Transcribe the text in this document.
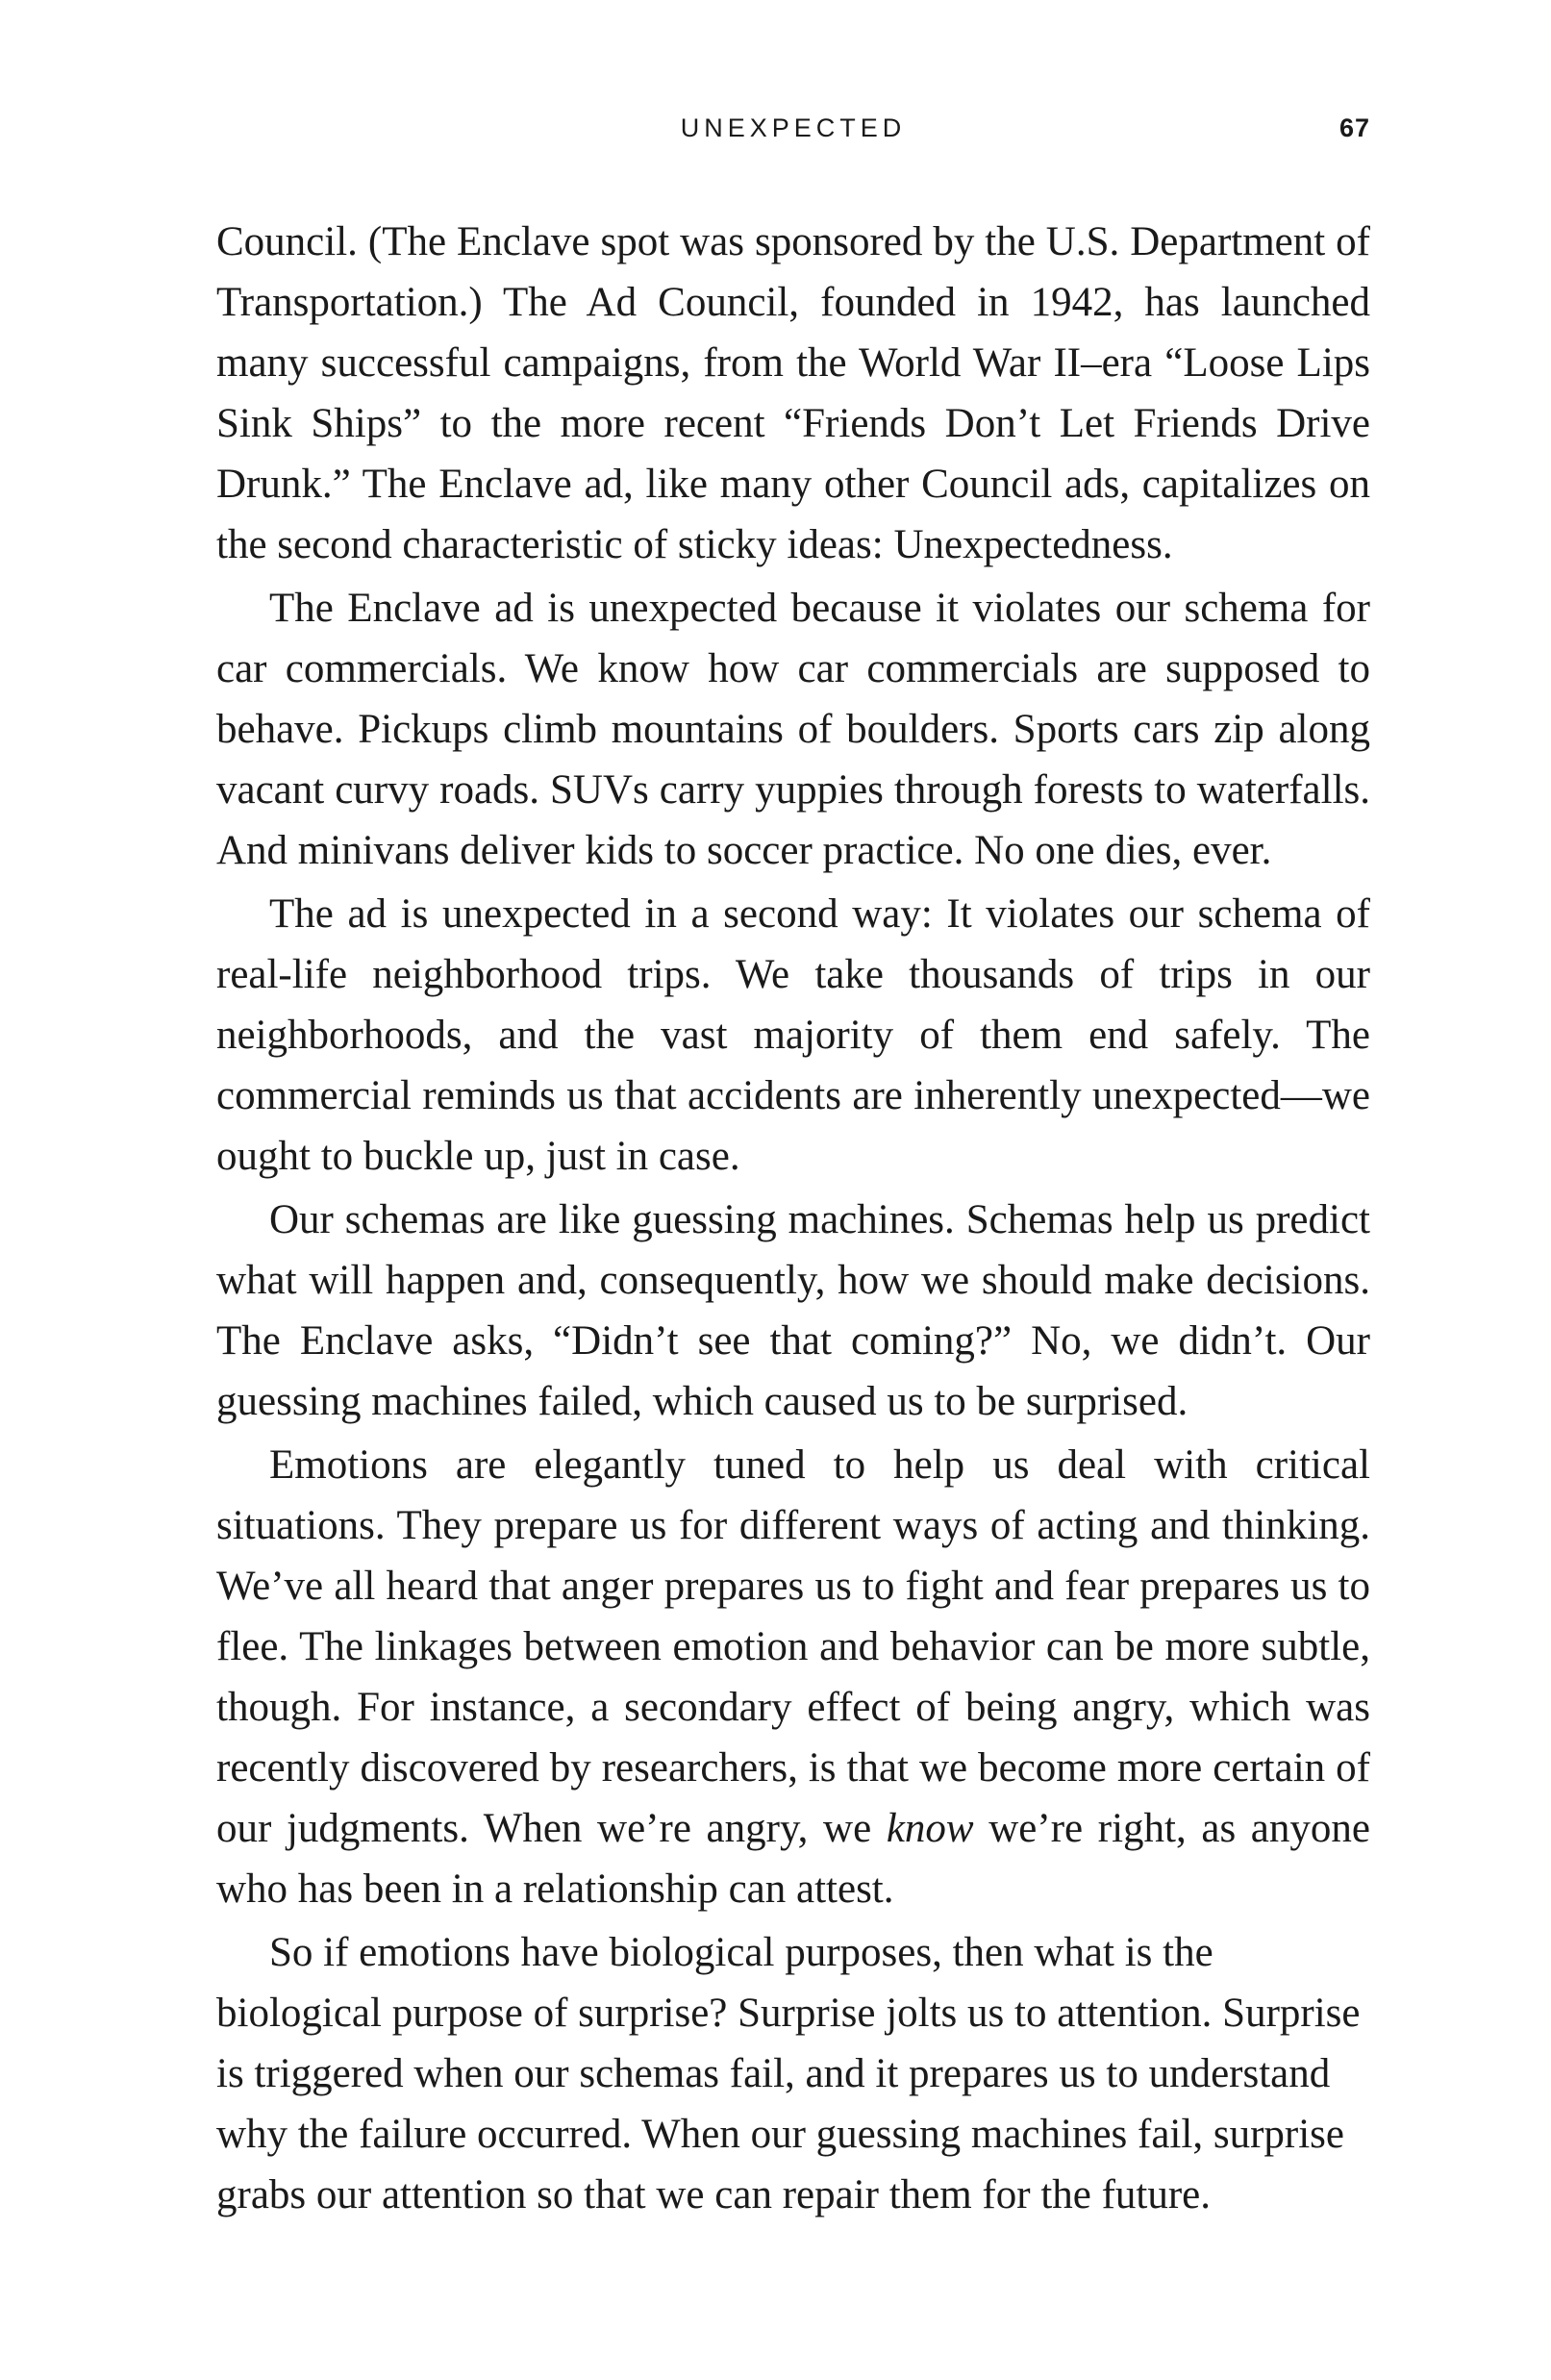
UNEXPECTED	67

Council. (The Enclave spot was sponsored by the U.S. Department of Transportation.) The Ad Council, founded in 1942, has launched many successful campaigns, from the World War II–era “Loose Lips Sink Ships” to the more recent “Friends Don’t Let Friends Drive Drunk.” The Enclave ad, like many other Council ads, capitalizes on the second characteristic of sticky ideas: Unexpectedness.

The Enclave ad is unexpected because it violates our schema for car commercials. We know how car commercials are supposed to behave. Pickups climb mountains of boulders. Sports cars zip along vacant curvy roads. SUVs carry yuppies through forests to waterfalls. And minivans deliver kids to soccer practice. No one dies, ever.

The ad is unexpected in a second way: It violates our schema of real-life neighborhood trips. We take thousands of trips in our neighborhoods, and the vast majority of them end safely. The commercial reminds us that accidents are inherently unexpected—we ought to buckle up, just in case.

Our schemas are like guessing machines. Schemas help us predict what will happen and, consequently, how we should make decisions. The Enclave asks, “Didn’t see that coming?” No, we didn’t. Our guessing machines failed, which caused us to be surprised.

Emotions are elegantly tuned to help us deal with critical situations. They prepare us for different ways of acting and thinking. We’ve all heard that anger prepares us to fight and fear prepares us to flee. The linkages between emotion and behavior can be more subtle, though. For instance, a secondary effect of being angry, which was recently discovered by researchers, is that we become more certain of our judgments. When we’re angry, we know we’re right, as anyone who has been in a relationship can attest.

So if emotions have biological purposes, then what is the biological purpose of surprise? Surprise jolts us to attention. Surprise is triggered when our schemas fail, and it prepares us to understand why the failure occurred. When our guessing machines fail, surprise grabs our attention so that we can repair them for the future.
